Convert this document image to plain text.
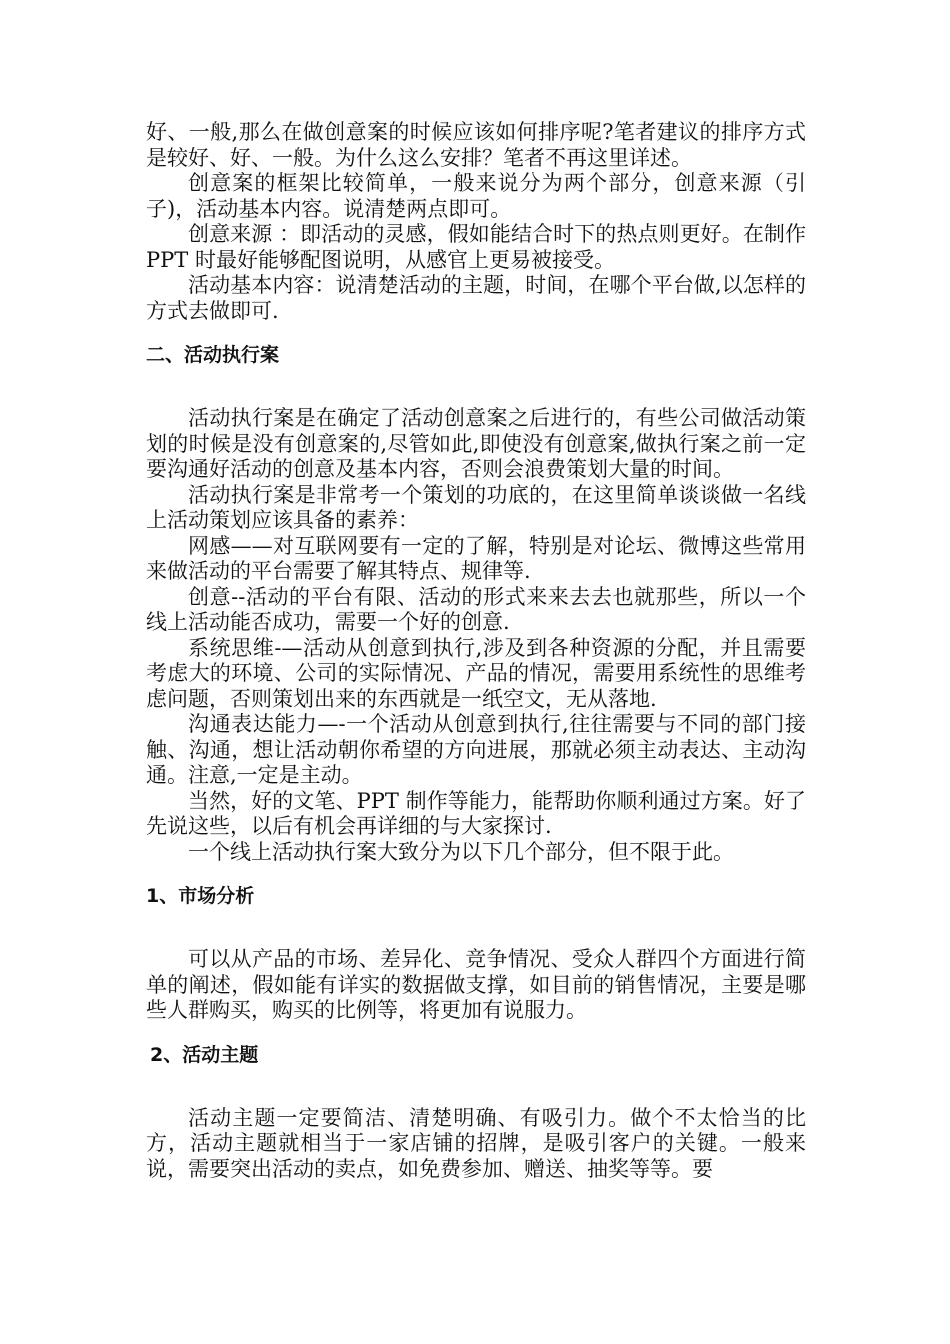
好、一般,那么在做创意案的时候应该如何排序呢?笔者建议的排序方式是较好、好、一般。为什么这么安排？笔者不再这里详述。

创意案的框架比较简单，一般来说分为两个部分，创意来源（引子)，活动基本内容。说清楚两点即可。

创意来源 ：即活动的灵感，假如能结合时下的热点则更好。在制作 PPT 时最好能够配图说明，从感官上更易被接受。

活动基本内容：说清楚活动的主题，时间，在哪个平台做,以怎样的方式去做即可.

二、活动执行案

活动执行案是在确定了活动创意案之后进行的，有些公司做活动策划的时候是没有创意案的,尽管如此,即使没有创意案,做执行案之前一定要沟通好活动的创意及基本内容，否则会浪费策划大量的时间。

活动执行案是非常考一个策划的功底的，在这里简单谈谈做一名线上活动策划应该具备的素养：

网感——对互联网要有一定的了解，特别是对论坛、微博这些常用来做活动的平台需要了解其特点、规律等.

创意--活动的平台有限、活动的形式来来去去也就那些，所以一个线上活动能否成功，需要一个好的创意.

系统思维-—活动从创意到执行,涉及到各种资源的分配，并且需要考虑大的环境、公司的实际情况、产品的情况，需要用系统性的思维考虑问题，否则策划出来的东西就是一纸空文，无从落地.

沟通表达能力—-一个活动从创意到执行,往往需要与不同的部门接触、沟通，想让活动朝你希望的方向进展，那就必须主动表达、主动沟通。注意,一定是主动。

当然，好的文笔、PPT 制作等能力，能帮助你顺利通过方案。好了先说这些，以后有机会再详细的与大家探讨.

一个线上活动执行案大致分为以下几个部分，但不限于此。

1、市场分析

可以从产品的市场、差异化、竞争情况、受众人群四个方面进行简单的阐述，假如能有详实的数据做支撑，如目前的销售情况，主要是哪些人群购买，购买的比例等，将更加有说服力。

2、活动主题

活动主题一定要简洁、清楚明确、有吸引力。做个不太恰当的比方，活动主题就相当于一家店铺的招牌，是吸引客户的关键。一般来说，需要突出活动的卖点，如免费参加、赠送、抽奖等等。要
